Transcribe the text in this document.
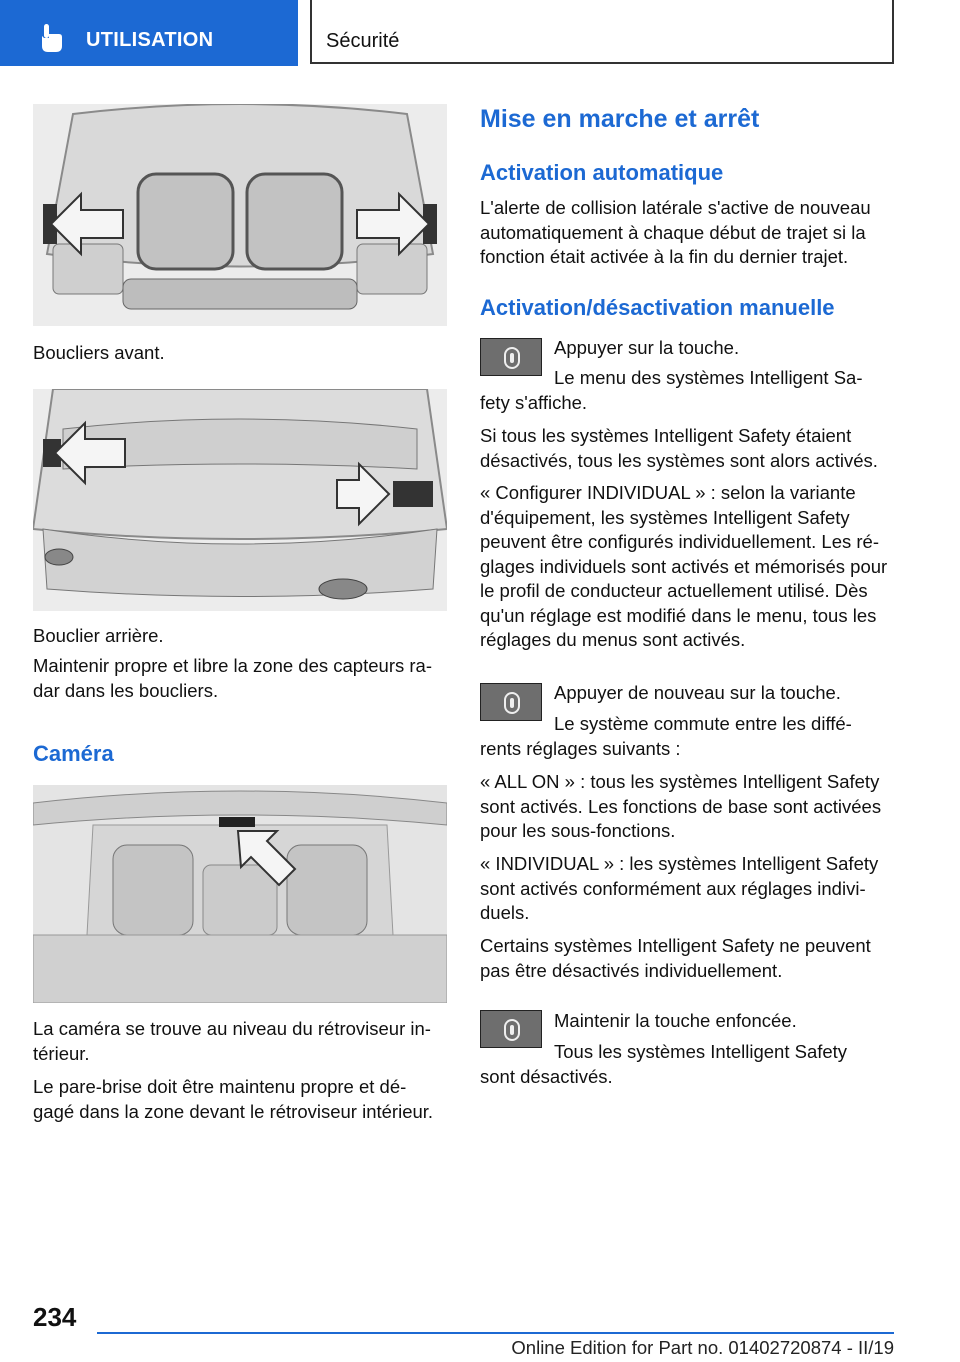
UTILISATION	Sécurité

Boucliers avant.

Bouclier arrière.

Maintenir propre et libre la zone des capteurs ra-dar dans les boucliers.

Caméra

La caméra se trouve au niveau du rétroviseur in-térieur.

Le pare-brise doit être maintenu propre et dé-gagé dans la zone devant le rétroviseur intérieur.

Mise en marche et arrêt
Activation automatique

L'alerte de collision latérale s'active de nouveau automatiquement à chaque début de trajet si la fonction était activée à la fin du dernier trajet.

Activation/désactivation manuelle

Appuyer sur la touche.

Le menu des systèmes Intelligent Sa-

fety s'affiche.

Si tous les systèmes Intelligent Safety étaient désactivés, tous les systèmes sont alors activés.

« Configurer INDIVIDUAL » : selon la variante d'équipement, les systèmes Intelligent Safety peuvent être configurés individuellement. Les ré-glages individuels sont activés et mémorisés pour le profil de conducteur actuellement utilisé. Dès qu'un réglage est modifié dans le menu, tous les réglages du menus sont activés.

Appuyer de nouveau sur la touche.

Le système commute entre les diffé-

rents réglages suivants :

« ALL ON » : tous les systèmes Intelligent Safety sont activés. Les fonctions de base sont activées pour les sous-fonctions.

« INDIVIDUAL » : les systèmes Intelligent Safety sont activés conformément aux réglages indivi-duels.

Certains systèmes Intelligent Safety ne peuvent pas être désactivés individuellement.

Maintenir la touche enfoncée.

Tous les systèmes Intelligent Safety

sont désactivés.

234
Online Edition for Part no. 01402720874 - II/19
